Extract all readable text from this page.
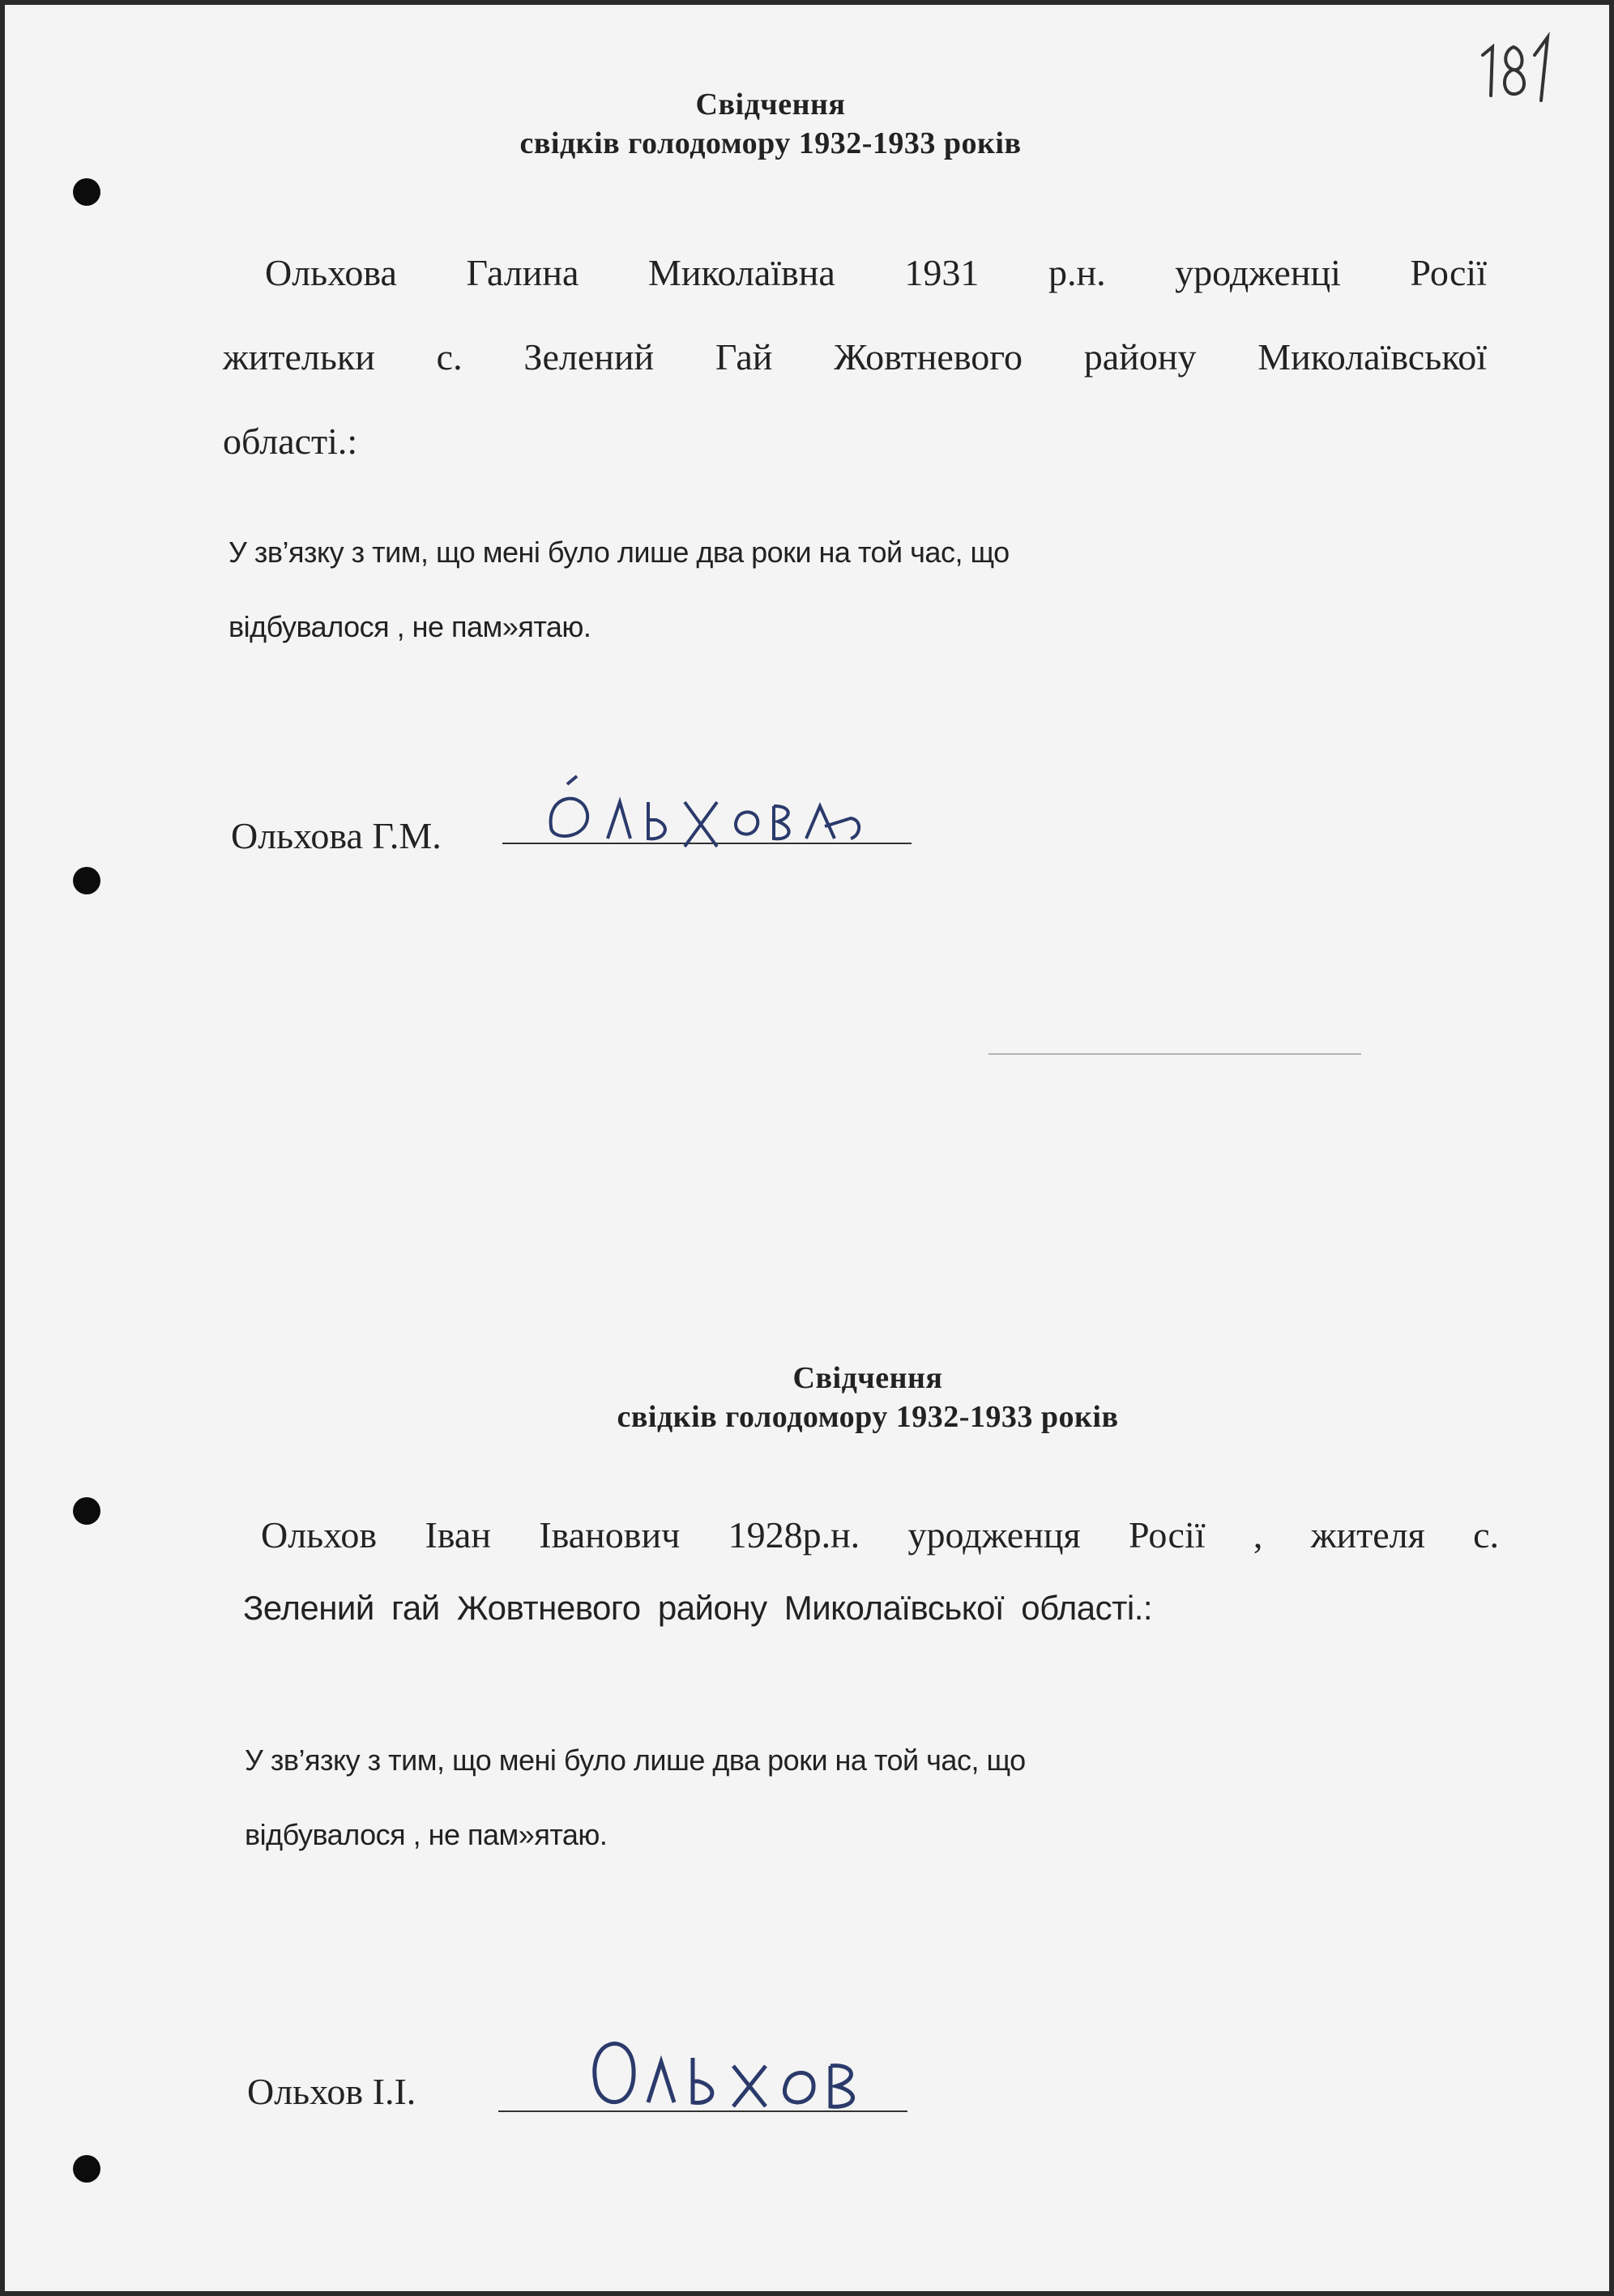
Свідчення
свідків голодомору 1932-1933 років
Ольхова Галина Миколаївна 1931 р.н. уродженці Росії
жительки с. Зелений Гай Жовтневого району Миколаївської
області.:
У зв’язку з тим, що мені було лише два роки на той час, що
відбувалося , не пам»ятаю.
Ольхова Г.М.
Свідчення
свідків голодомору 1932-1933 років
Ольхов Іван Іванович 1928р.н. уродженця Росії , жителя с.
Зелений гай Жовтневого району Миколаївської області.:
У зв’язку з тим, що мені було лише два роки на той час, що
відбувалося , не пам»ятаю.
Ольхов І.І.
